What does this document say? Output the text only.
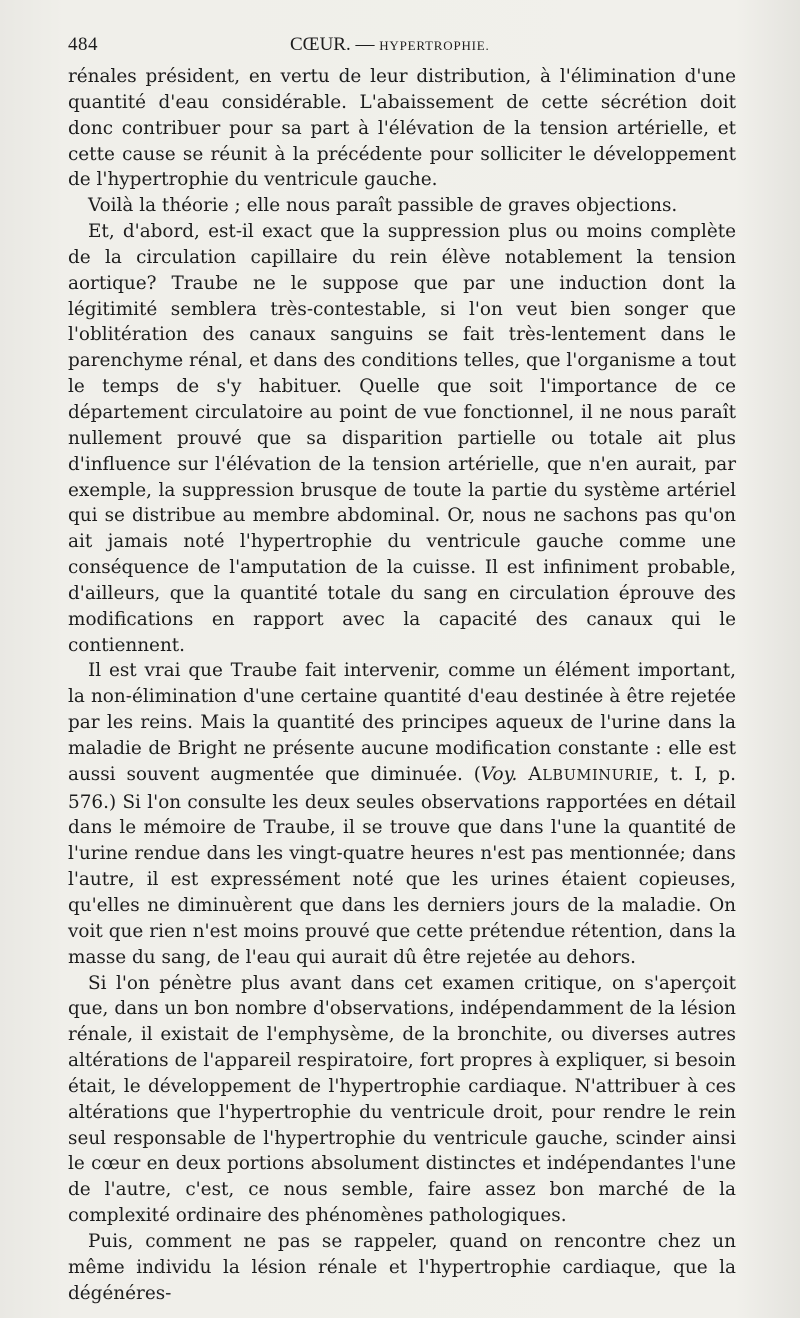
484	CŒUR. — HYPERTROPHIE.

rénales président, en vertu de leur distribution, à l'élimination d'une quantité d'eau considérable. L'abaissement de cette sécrétion doit donc contribuer pour sa part à l'élévation de la tension artérielle, et cette cause se réunit à la précédente pour solliciter le développement de l'hypertrophie du ventricule gauche.

Voilà la théorie ; elle nous paraît passible de graves objections.

Et, d'abord, est-il exact que la suppression plus ou moins complète de la circulation capillaire du rein élève notablement la tension aortique? Traube ne le suppose que par une induction dont la légitimité semblera très-contestable, si l'on veut bien songer que l'oblitération des canaux sanguins se fait très-lentement dans le parenchyme rénal, et dans des conditions telles, que l'organisme a tout le temps de s'y habituer. Quelle que soit l'importance de ce département circulatoire au point de vue fonctionnel, il ne nous paraît nullement prouvé que sa disparition partielle ou totale ait plus d'influence sur l'élévation de la tension artérielle, que n'en aurait, par exemple, la suppression brusque de toute la partie du système artériel qui se distribue au membre abdominal. Or, nous ne sachons pas qu'on ait jamais noté l'hypertrophie du ventricule gauche comme une conséquence de l'amputation de la cuisse. Il est infiniment probable, d'ailleurs, que la quantité totale du sang en circulation éprouve des modifications en rapport avec la capacité des canaux qui le contiennent.

Il est vrai que Traube fait intervenir, comme un élément important, la non-élimination d'une certaine quantité d'eau destinée à être rejetée par les reins. Mais la quantité des principes aqueux de l'urine dans la maladie de Bright ne présente aucune modification constante : elle est aussi souvent augmentée que diminuée. (Voy. ALBUMINURIE, t. I, p. 576.) Si l'on consulte les deux seules observations rapportées en détail dans le mémoire de Traube, il se trouve que dans l'une la quantité de l'urine rendue dans les vingt-quatre heures n'est pas mentionnée; dans l'autre, il est expressément noté que les urines étaient copieuses, qu'elles ne diminuèrent que dans les derniers jours de la maladie. On voit que rien n'est moins prouvé que cette prétendue rétention, dans la masse du sang, de l'eau qui aurait dû être rejetée au dehors.

Si l'on pénètre plus avant dans cet examen critique, on s'aperçoit que, dans un bon nombre d'observations, indépendamment de la lésion rénale, il existait de l'emphysème, de la bronchite, ou diverses autres altérations de l'appareil respiratoire, fort propres à expliquer, si besoin était, le développement de l'hypertrophie cardiaque. N'attribuer à ces altérations que l'hypertrophie du ventricule droit, pour rendre le rein seul responsable de l'hypertrophie du ventricule gauche, scinder ainsi le cœur en deux portions absolument distinctes et indépendantes l'une de l'autre, c'est, ce nous semble, faire assez bon marché de la complexité ordinaire des phénomènes pathologiques.

Puis, comment ne pas se rappeler, quand on rencontre chez un même individu la lésion rénale et l'hypertrophie cardiaque, que la dégénéres-
